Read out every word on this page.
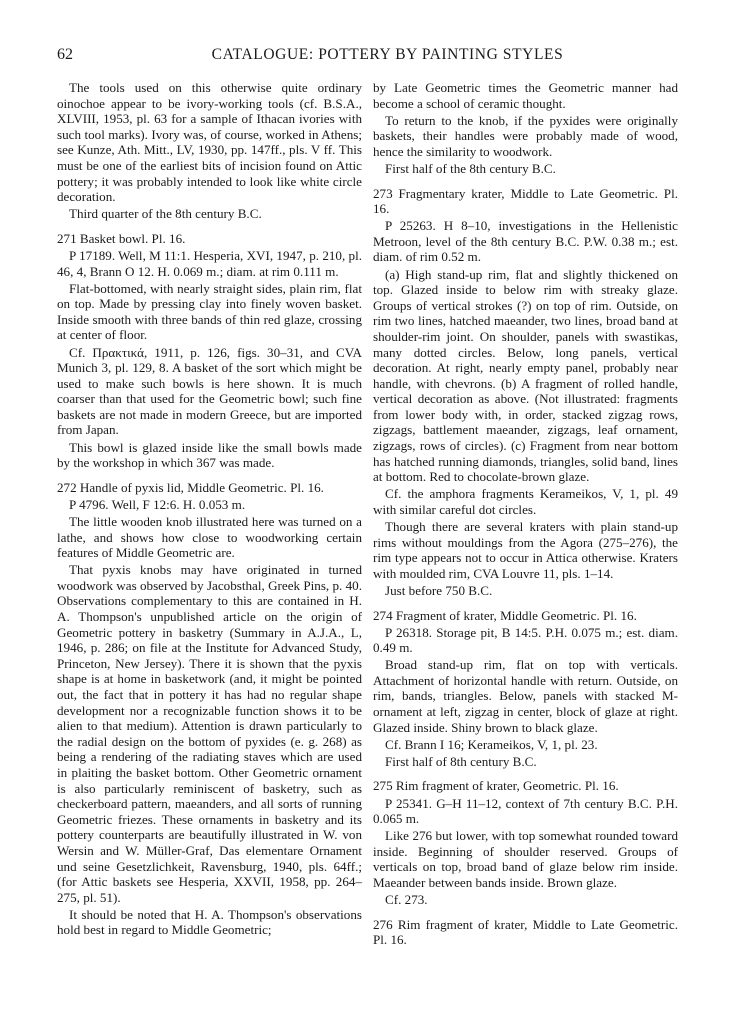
62	CATALOGUE: POTTERY BY PAINTING STYLES

The tools used on this otherwise quite ordinary oinochoe appear to be ivory-working tools (cf. B.S.A., XLVIII, 1953, pl. 63 for a sample of Ithacan ivories with such tool marks). Ivory was, of course, worked in Athens; see Kunze, Ath. Mitt., LV, 1930, pp. 147ff., pls. V ff. This must be one of the earliest bits of incision found on Attic pottery; it was probably intended to look like white circle decoration.

Third quarter of the 8th century B.C.

271 Basket bowl. Pl. 16.

P 17189. Well, M 11:1. Hesperia, XVI, 1947, p. 210, pl. 46, 4, Brann O 12. H. 0.069 m.; diam. at rim 0.111 m.

Flat-bottomed, with nearly straight sides, plain rim, flat on top. Made by pressing clay into finely woven basket. Inside smooth with three bands of thin red glaze, crossing at center of floor.

Cf. Πρακτικά, 1911, p. 126, figs. 30–31, and CVA Munich 3, pl. 129, 8. A basket of the sort which might be used to make such bowls is here shown. It is much coarser than that used for the Geometric bowl; such fine baskets are not made in modern Greece, but are imported from Japan.

This bowl is glazed inside like the small bowls made by the workshop in which 367 was made.

272 Handle of pyxis lid, Middle Geometric. Pl. 16.

P 4796. Well, F 12:6. H. 0.053 m.

The little wooden knob illustrated here was turned on a lathe, and shows how close to woodworking certain features of Middle Geometric are.

That pyxis knobs may have originated in turned woodwork was observed by Jacobsthal, Greek Pins, p. 40. Observations complementary to this are contained in H. A. Thompson's unpublished article on the origin of Geometric pottery in basketry (Summary in A.J.A., L, 1946, p. 286; on file at the Institute for Advanced Study, Princeton, New Jersey). There it is shown that the pyxis shape is at home in basketwork (and, it might be pointed out, the fact that in pottery it has had no regular shape development nor a recognizable function shows it to be alien to that medium). Attention is drawn particularly to the radial design on the bottom of pyxides (e. g. 268) as being a rendering of the radiating staves which are used in plaiting the basket bottom. Other Geometric ornament is also particularly reminiscent of basketry, such as checkerboard pattern, maeanders, and all sorts of running Geometric friezes. These ornaments in basketry and its pottery counterparts are beautifully illustrated in W. von Wersin and W. Müller-Graf, Das elementare Ornament und seine Gesetzlichkeit, Ravensburg, 1940, pls. 64ff.; (for Attic baskets see Hesperia, XXVII, 1958, pp. 264–275, pl. 51).

It should be noted that H. A. Thompson's observations hold best in regard to Middle Geometric;

by Late Geometric times the Geometric manner had become a school of ceramic thought.

To return to the knob, if the pyxides were originally baskets, their handles were probably made of wood, hence the similarity to woodwork.

First half of the 8th century B.C.

273 Fragmentary krater, Middle to Late Geometric. Pl. 16.

P 25263. H 8–10, investigations in the Hellenistic Metroon, level of the 8th century B.C. P.W. 0.38 m.; est. diam. of rim 0.52 m.

(a) High stand-up rim, flat and slightly thickened on top. Glazed inside to below rim with streaky glaze. Groups of vertical strokes (?) on top of rim. Outside, on rim two lines, hatched maeander, two lines, broad band at shoulder-rim joint. On shoulder, panels with swastikas, many dotted circles. Below, long panels, vertical decoration. At right, nearly empty panel, probably near handle, with chevrons. (b) A fragment of rolled handle, vertical decoration as above. (Not illustrated: fragments from lower body with, in order, stacked zigzag rows, zigzags, battlement maeander, zigzags, leaf ornament, zigzags, rows of circles). (c) Fragment from near bottom has hatched running diamonds, triangles, solid band, lines at bottom. Red to chocolate-brown glaze.

Cf. the amphora fragments Kerameikos, V, 1, pl. 49 with similar careful dot circles.

Though there are several kraters with plain stand-up rims without mouldings from the Agora (275–276), the rim type appears not to occur in Attica otherwise. Kraters with moulded rim, CVA Louvre 11, pls. 1–14.

Just before 750 B.C.

274 Fragment of krater, Middle Geometric. Pl. 16.

P 26318. Storage pit, B 14:5. P.H. 0.075 m.; est. diam. 0.49 m.

Broad stand-up rim, flat on top with verticals. Attachment of horizontal handle with return. Outside, on rim, bands, triangles. Below, panels with stacked M-ornament at left, zigzag in center, block of glaze at right. Glazed inside. Shiny brown to black glaze.

Cf. Brann I 16; Kerameikos, V, 1, pl. 23.

First half of 8th century B.C.

275 Rim fragment of krater, Geometric. Pl. 16.

P 25341. G–H 11–12, context of 7th century B.C. P.H. 0.065 m.

Like 276 but lower, with top somewhat rounded toward inside. Beginning of shoulder reserved. Groups of verticals on top, broad band of glaze below rim inside. Maeander between bands inside. Brown glaze.

Cf. 273.

276 Rim fragment of krater, Middle to Late Geometric. Pl. 16.
